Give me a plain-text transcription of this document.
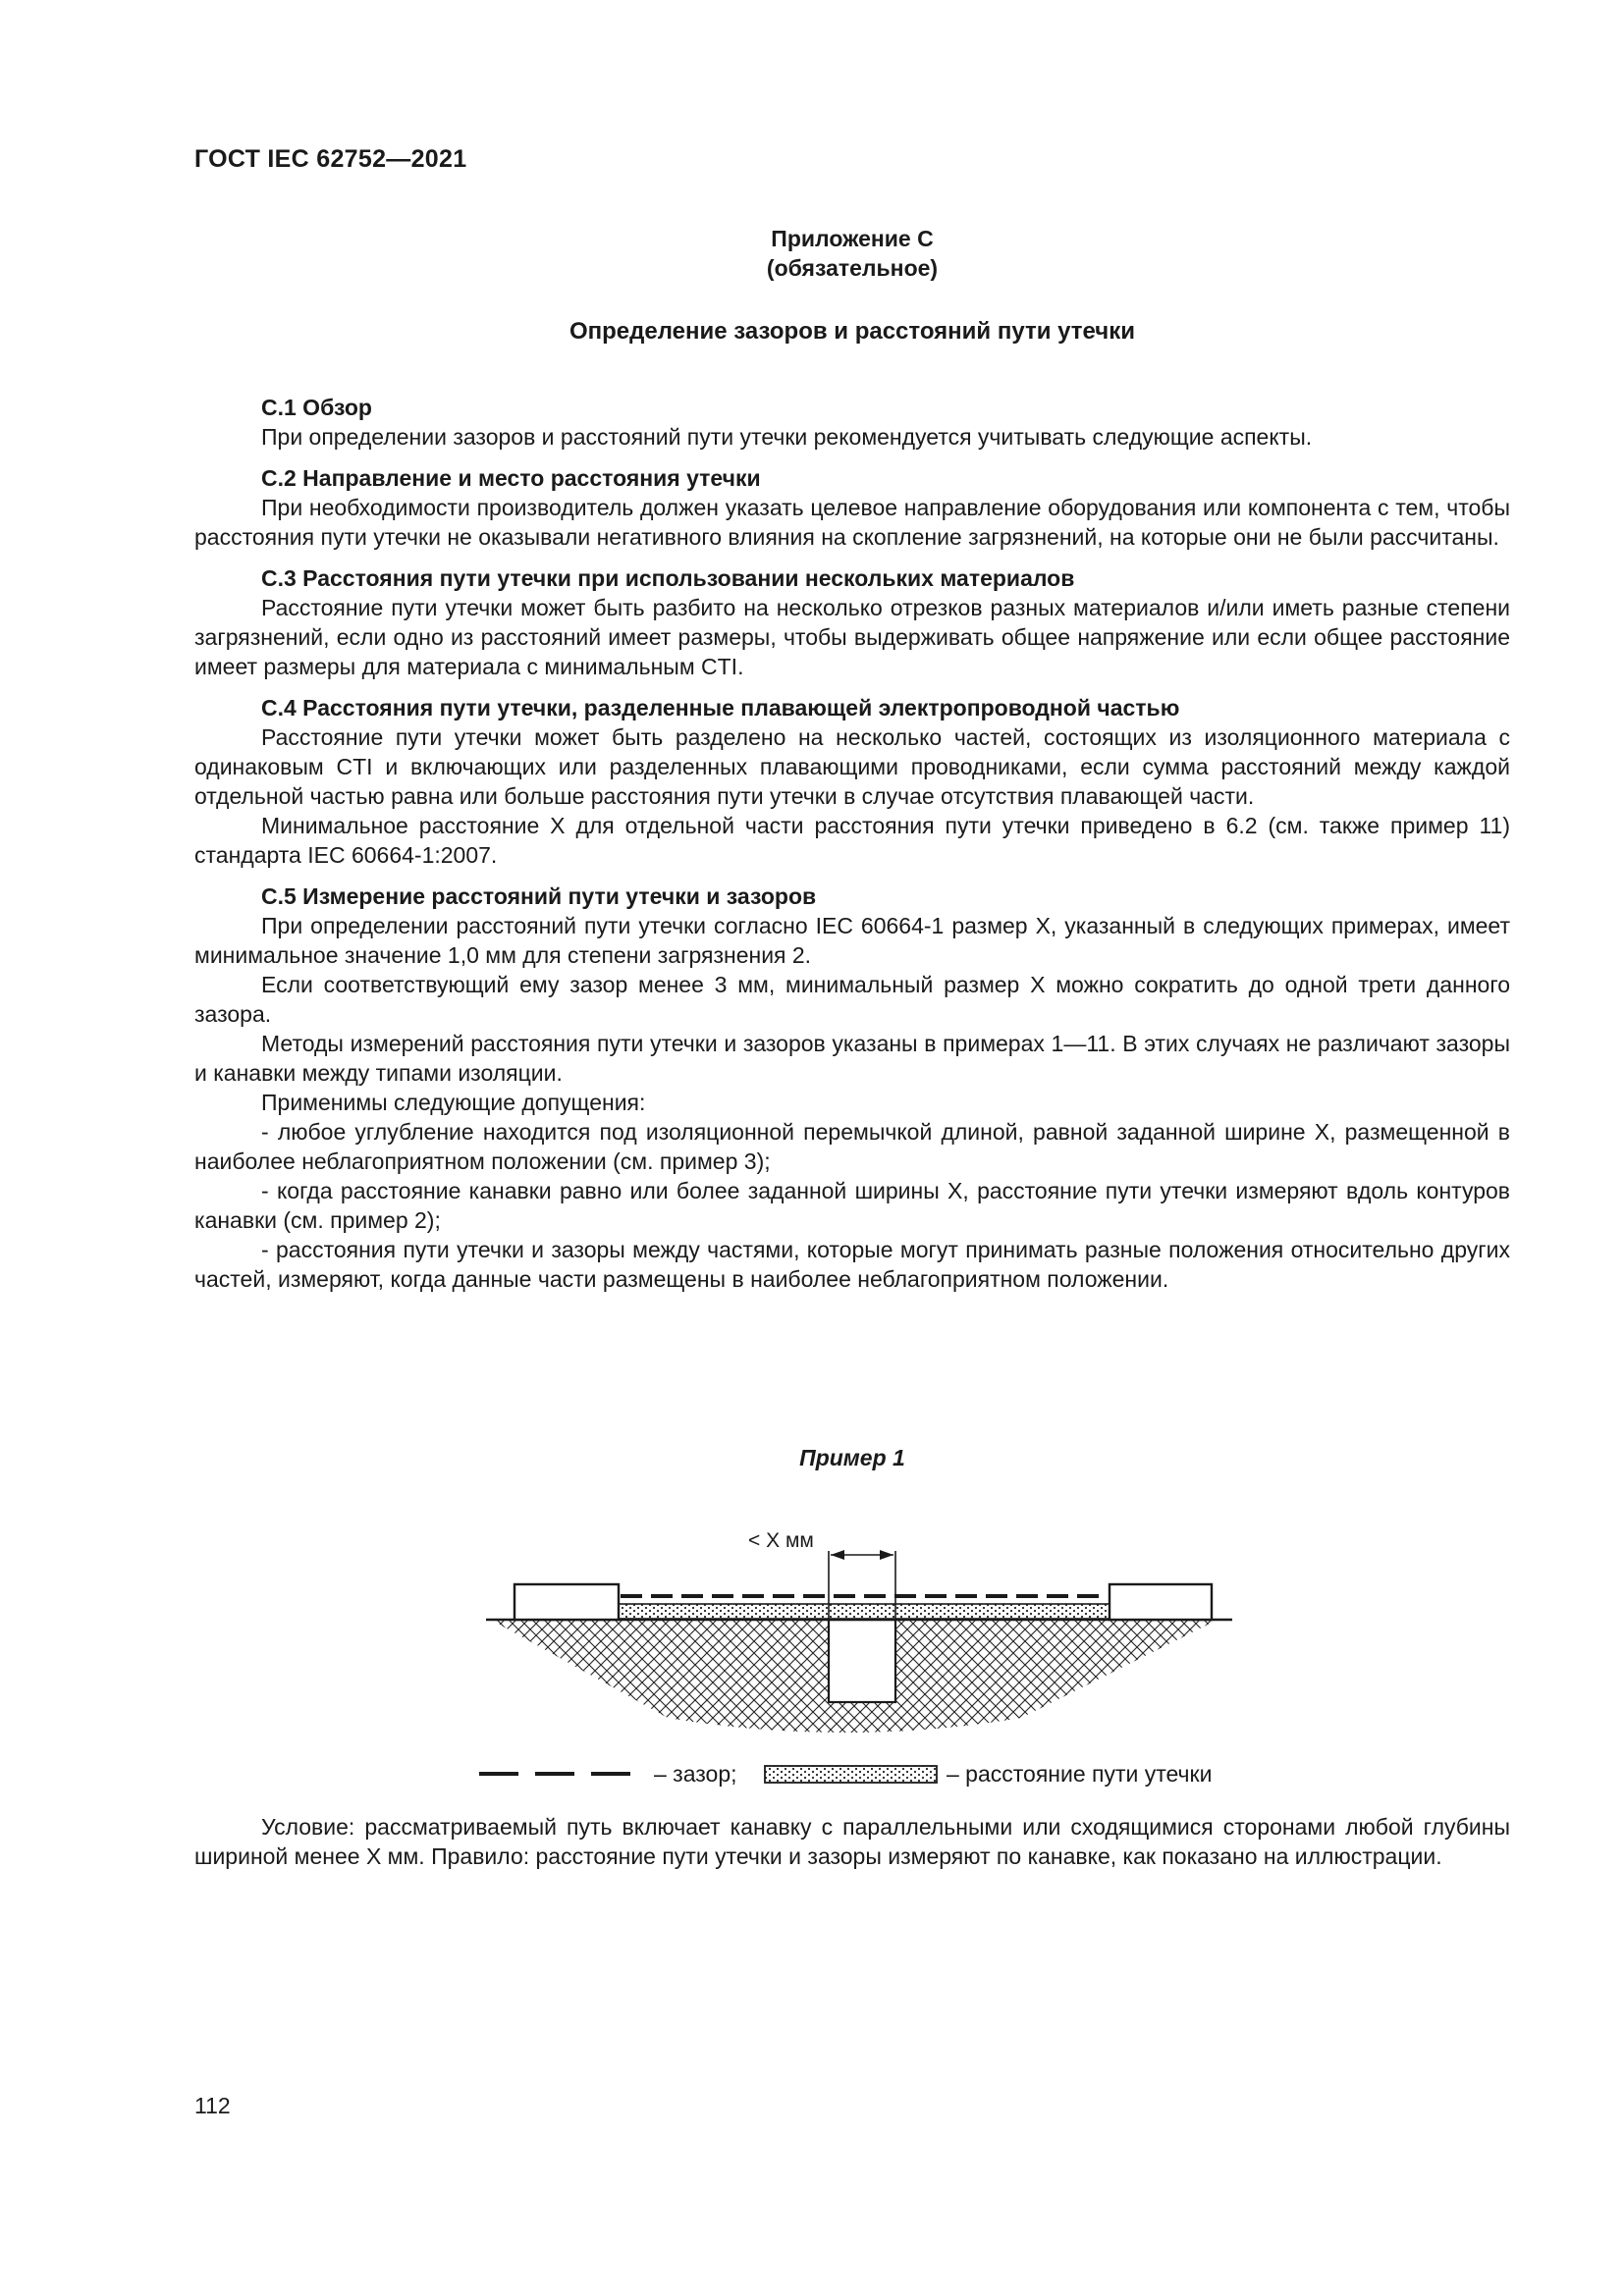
ГОСТ IEC 62752—2021
Приложение С
(обязательное)
Определение зазоров и расстояний пути утечки
С.1 Обзор

При определении зазоров и расстояний пути утечки рекомендуется учитывать следующие аспекты.

С.2 Направление и место расстояния утечки

При необходимости производитель должен указать целевое направление оборудования или компонента с тем, чтобы расстояния пути утечки не оказывали негативного влияния на скопление загрязнений, на которые они не были рассчитаны.

С.3 Расстояния пути утечки при использовании нескольких материалов

Расстояние пути утечки может быть разбито на несколько отрезков разных материалов и/или иметь разные степени загрязнений, если одно из расстояний имеет размеры, чтобы выдерживать общее напряжение или если общее расстояние имеет размеры для материала с минимальным CTI.

С.4 Расстояния пути утечки, разделенные плавающей электропроводной частью

Расстояние пути утечки может быть разделено на несколько частей, состоящих из изоляционного материала с одинаковым CTI и включающих или разделенных плавающими проводниками, если сумма расстояний между каждой отдельной частью равна или больше расстояния пути утечки в случае отсутствия плавающей части.

Минимальное расстояние X для отдельной части расстояния пути утечки приведено в 6.2 (см. также пример 11) стандарта IEC 60664-1:2007.

С.5 Измерение расстояний пути утечки и зазоров

При определении расстояний пути утечки согласно IEC 60664-1 размер X, указанный в следующих примерах, имеет минимальное значение 1,0 мм для степени загрязнения 2.

Если соответствующий ему зазор менее 3 мм, минимальный размер X можно сократить до одной трети данного зазора.

Методы измерений расстояния пути утечки и зазоров указаны в примерах 1—11. В этих случаях не различают зазоры и канавки между типами изоляции.

Применимы следующие допущения:

- любое углубление находится под изоляционной перемычкой длиной, равной заданной ширине X, размещенной в наиболее неблагоприятном положении (см. пример 3);

- когда расстояние канавки равно или более заданной ширины X, расстояние пути утечки измеряют вдоль контуров канавки (см. пример 2);

- расстояния пути утечки и зазоры между частями, которые могут принимать разные положения относительно других частей, измеряют, когда данные части размещены в наиболее неблагоприятном положении.

Пример 1
< X мм
– зазор;	– расстояние пути утечки

Условие: рассматриваемый путь включает канавку с параллельными или сходящимися сторонами любой глубины шириной менее X мм. Правило: расстояние пути утечки и зазоры измеряют по канавке, как показано на иллюстрации.

112
